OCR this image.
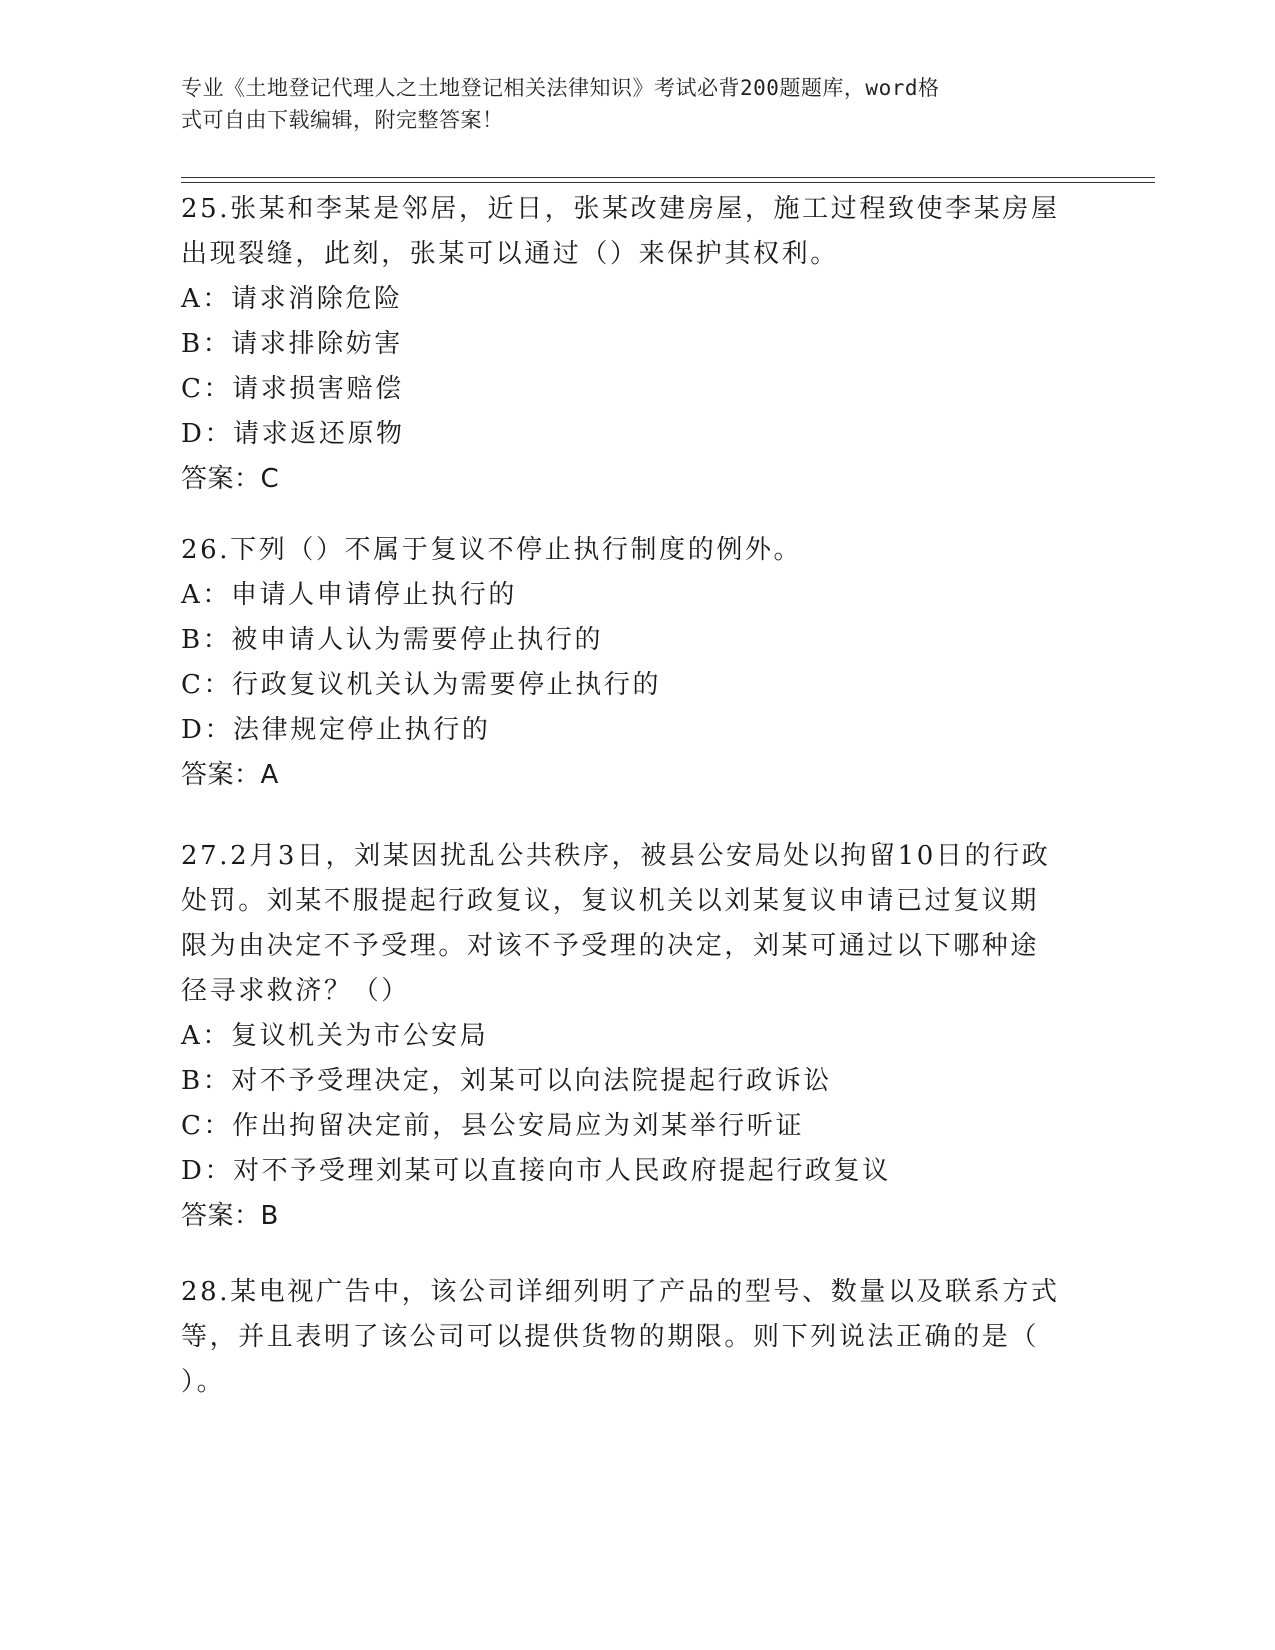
专业《土地登记代理人之土地登记相关法律知识》考试必背200题题库，word格
式可自由下载编辑，附完整答案！

25.张某和李某是邻居，近日，张某改建房屋，施工过程致使李某房屋

出现裂缝，此刻，张某可以通过（）来保护其权利。

A：请求消除危险

B：请求排除妨害

C：请求损害赔偿

D：请求返还原物

答案：C

26.下列（）不属于复议不停止执行制度的例外。

A：申请人申请停止执行的

B：被申请人认为需要停止执行的

C：行政复议机关认为需要停止执行的

D：法律规定停止执行的

答案：A

27.2月3日，刘某因扰乱公共秩序，被县公安局处以拘留10日的行政

处罚。刘某不服提起行政复议，复议机关以刘某复议申请已过复议期

限为由决定不予受理。对该不予受理的决定，刘某可通过以下哪种途

径寻求救济？（）

A：复议机关为市公安局

B：对不予受理决定，刘某可以向法院提起行政诉讼

C：作出拘留决定前，县公安局应为刘某举行听证

D：对不予受理刘某可以直接向市人民政府提起行政复议

答案：B

28.某电视广告中，该公司详细列明了产品的型号、数量以及联系方式

等，并且表明了该公司可以提供货物的期限。则下列说法正确的是（

）。
